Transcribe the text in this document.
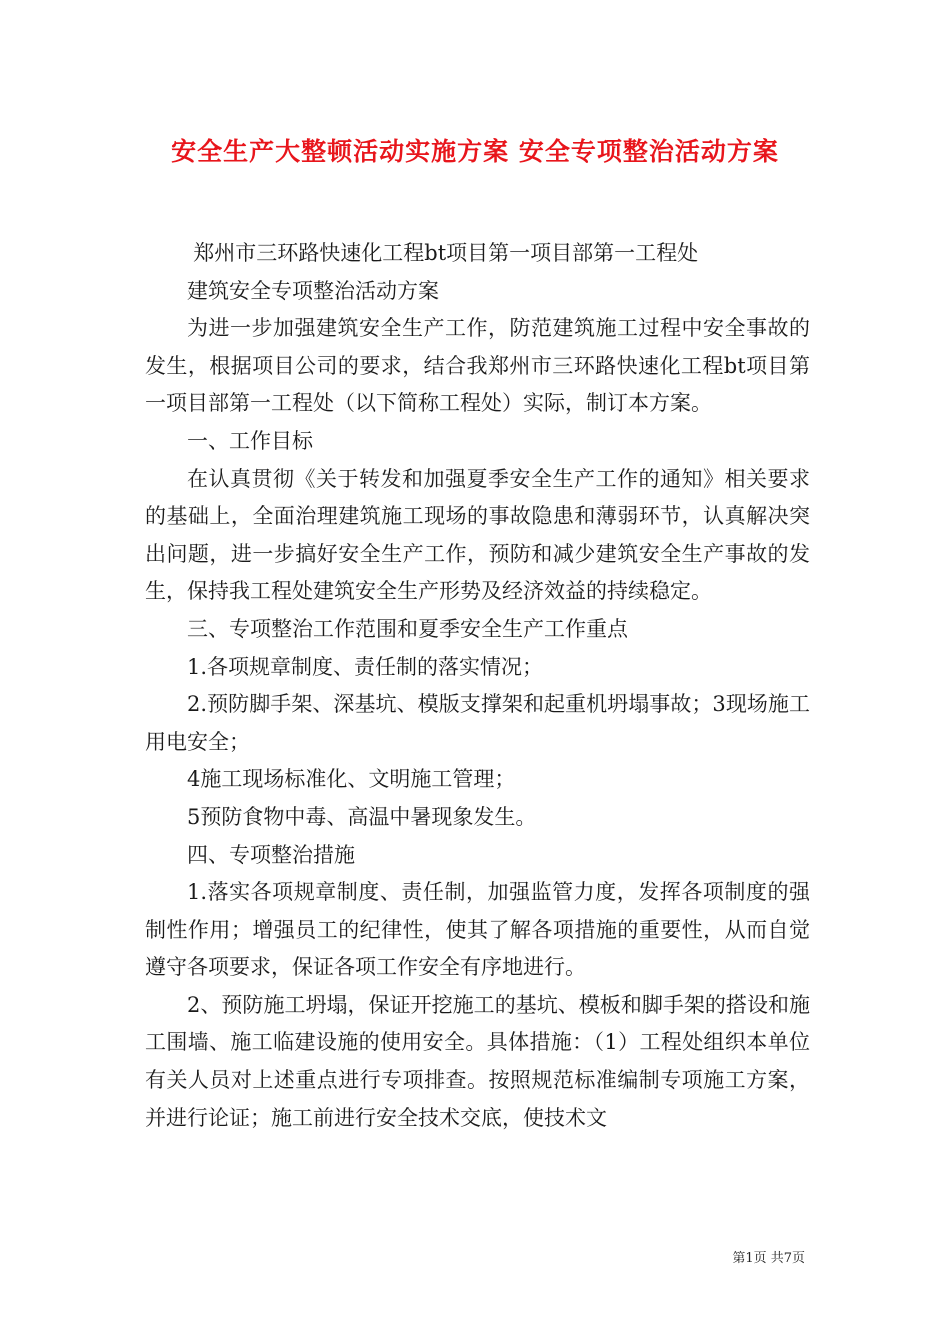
安全生产大整顿活动实施方案 安全专项整治活动方案

郑州市三环路快速化工程bt项目第一项目部第一工程处

建筑安全专项整治活动方案

为进一步加强建筑安全生产工作，防范建筑施工过程中安全事故的发生，根据项目公司的要求，结合我郑州市三环路快速化工程bt项目第一项目部第一工程处（以下简称工程处）实际，制订本方案。

一、工作目标

在认真贯彻《关于转发和加强夏季安全生产工作的通知》相关要求的基础上，全面治理建筑施工现场的事故隐患和薄弱环节，认真解决突出问题，进一步搞好安全生产工作，预防和减少建筑安全生产事故的发生，保持我工程处建筑安全生产形势及经济效益的持续稳定。

三、专项整治工作范围和夏季安全生产工作重点

1.各项规章制度、责任制的落实情况；

2.预防脚手架、深基坑、模版支撑架和起重机坍塌事故；3现场施工用电安全；

4施工现场标准化、文明施工管理；

5预防食物中毒、高温中暑现象发生。

四、专项整治措施

1.落实各项规章制度、责任制，加强监管力度，发挥各项制度的强制性作用；增强员工的纪律性，使其了解各项措施的重要性，从而自觉遵守各项要求，保证各项工作安全有序地进行。

2、预防施工坍塌，保证开挖施工的基坑、模板和脚手架的搭设和施工围墙、施工临建设施的使用安全。具体措施：（1）工程处组织本单位有关人员对上述重点进行专项排查。按照规范标准编制专项施工方案，并进行论证；施工前进行安全技术交底，使技术文

第1页 共7页
